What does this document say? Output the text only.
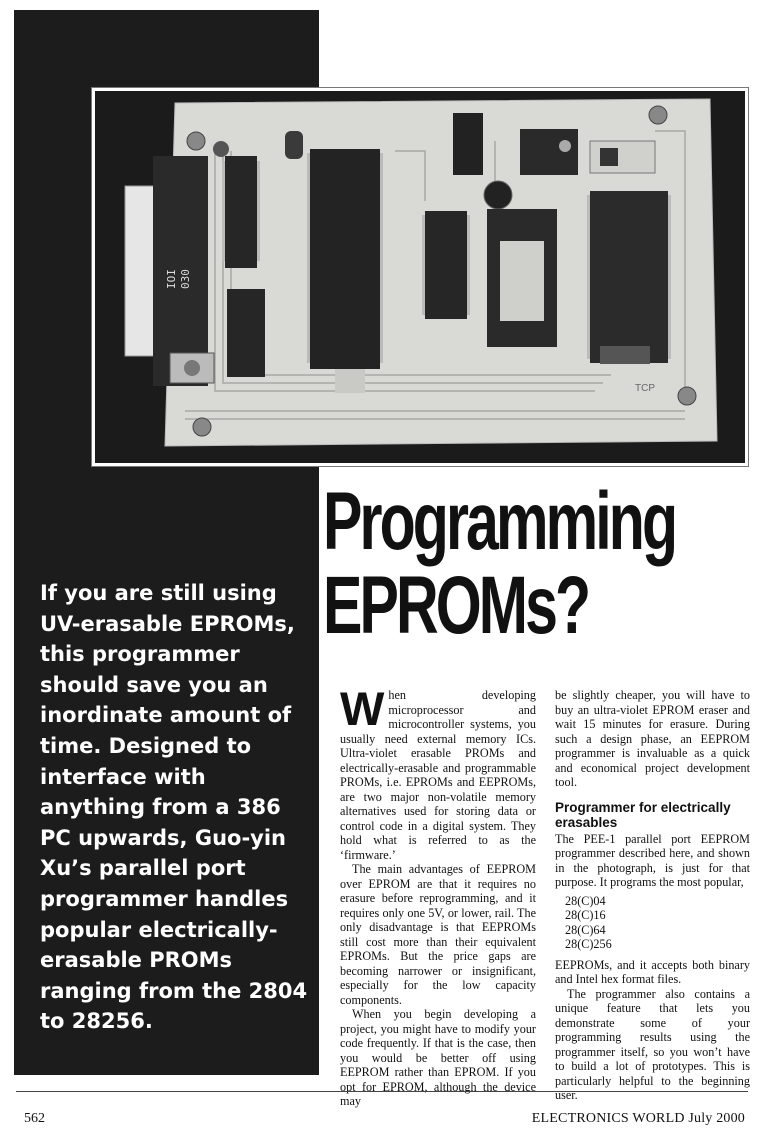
IOI 030
TCP
Programming
EPROMs?
If you are still using UV-erasable EPROMs, this programmer should save you an inordinate amount of time. Designed to interface with anything from a 386 PC upwards, Guo-yin Xu’s parallel port programmer handles popular electrically-erasable PROMs ranging from the 2804 to 28256.

When developing microprocessor and microcontroller systems, you usually need external memory ICs. Ultra-violet erasable PROMs and electrically-erasable and programmable PROMs, i.e. EPROMs and EEPROMs, are two major non-volatile memory alternatives used for storing data or control code in a digital system. They hold what is referred to as the ‘firmware.’

The main advantages of EEPROM over EPROM are that it requires no erasure before reprogramming, and it requires only one 5V, or lower, rail. The only disadvantage is that EEPROMs still cost more than their equivalent EPROMs. But the price gaps are becoming narrower or insignificant, especially for the low capacity components.

When you begin developing a project, you might have to modify your code frequently. If that is the case, then you would be better off using EEPROM rather than EPROM. If you opt for EPROM, although the device may

be slightly cheaper, you will have to buy an ultra-violet EPROM eraser and wait 15 minutes for erasure. During such a design phase, an EEPROM programmer is invaluable as a quick and economical project development tool.

Programmer for electrically erasables

The PEE-1 parallel port EEPROM programmer described here, and shown in the photograph, is just for that purpose. It programs the most popular,

28(C)04
28(C)16
28(C)64
28(C)256

EEPROMs, and it accepts both binary and Intel hex format files.

The programmer also contains a unique feature that lets you demonstrate some of your programming results using the programmer itself, so you won’t have to build a lot of prototypes. This is particularly helpful to the beginning user.

562	ELECTRONICS WORLD July 2000
